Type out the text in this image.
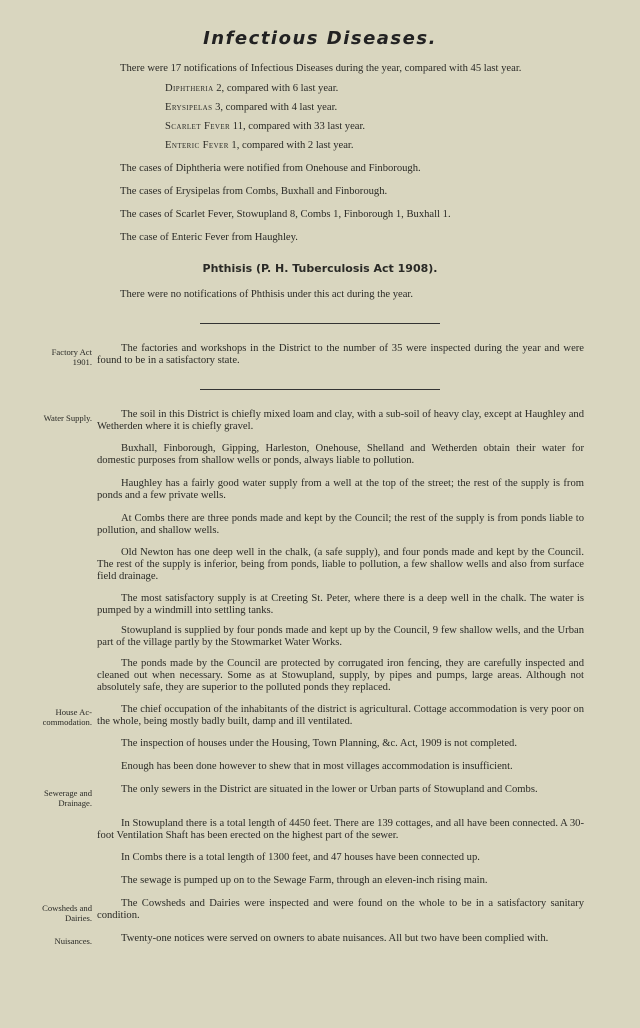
Infectious Diseases.
There were 17 notifications of Infectious Diseases during the year, compared with 45 last year.
Diphtheria 2, compared with 6 last year.
Erysipelas 3, compared with 4 last year.
Scarlet Fever 11, compared with 33 last year.
Enteric Fever 1, compared with 2 last year.
The cases of Diphtheria were notified from Onehouse and Finborough.
The cases of Erysipelas from Combs, Buxhall and Finborough.
The cases of Scarlet Fever, Stowupland 8, Combs 1, Finborough 1, Buxhall 1.
The case of Enteric Fever from Haughley.
Phthisis (P. H. Tuberculosis Act 1908).
There were no notifications of Phthisis under this act during the year.
Factory Act
1901.
The factories and workshops in the District to the number of 35 were inspected during the year and were found to be in a satisfactory state.
Water Supply.	The soil in this District is chiefly mixed loam and clay, with a sub-soil of heavy clay, except at Haughley and Wetherden where it is chiefly gravel.
Buxhall, Finborough, Gipping, Harleston, Onehouse, Shelland and Wetherden obtain their water for domestic purposes from shallow wells or ponds, always liable to pollution.
Haughley has a fairly good water supply from a well at the top of the street; the rest of the supply is from ponds and a few private wells.
At Combs there are three ponds made and kept by the Council; the rest of the supply is from ponds liable to pollution, and shallow wells.
Old Newton has one deep well in the chalk, (a safe supply), and four ponds made and kept by the Council. The rest of the supply is inferior, being from ponds, liable to pollution, a few shallow wells and also from surface field drainage.
The most satisfactory supply is at Creeting St. Peter, where there is a deep well in the chalk. The water is pumped by a windmill into settling tanks.
Stowupland is supplied by four ponds made and kept up by the Council, 9 few shallow wells, and the Urban part of the village partly by the Stowmarket Water Works.
The ponds made by the Council are protected by corrugated iron fencing, they are carefully inspected and cleaned out when necessary. Some as at Stowupland, supply, by pipes and pumps, large areas. Although not absolutely safe, they are superior to the polluted ponds they replaced.
House Ac-
commodation.
The chief occupation of the inhabitants of the district is agricultural. Cottage accommodation is very poor on the whole, being mostly badly built, damp and ill ventilated.
The inspection of houses under the Housing, Town Planning, &c. Act, 1909 is not completed.
Enough has been done however to shew that in most villages accommodation is insufficient.
Sewerage and
Drainage.
The only sewers in the District are situated in the lower or Urban parts of Stowupland and Combs.
In Stowupland there is a total length of 4450 feet. There are 139 cottages, and all have been connected. A 30-foot Ventilation Shaft has been erected on the highest part of the sewer.
In Combs there is a total length of 1300 feet, and 47 houses have been connected up.
The sewage is pumped up on to the Sewage Farm, through an eleven-inch rising main.
Cowsheds and
Dairies.
The Cowsheds and Dairies were inspected and were found on the whole to be in a satisfactory sanitary condition.
Nuisances.	Twenty-one notices were served on owners to abate nuisances. All but two have been complied with.
